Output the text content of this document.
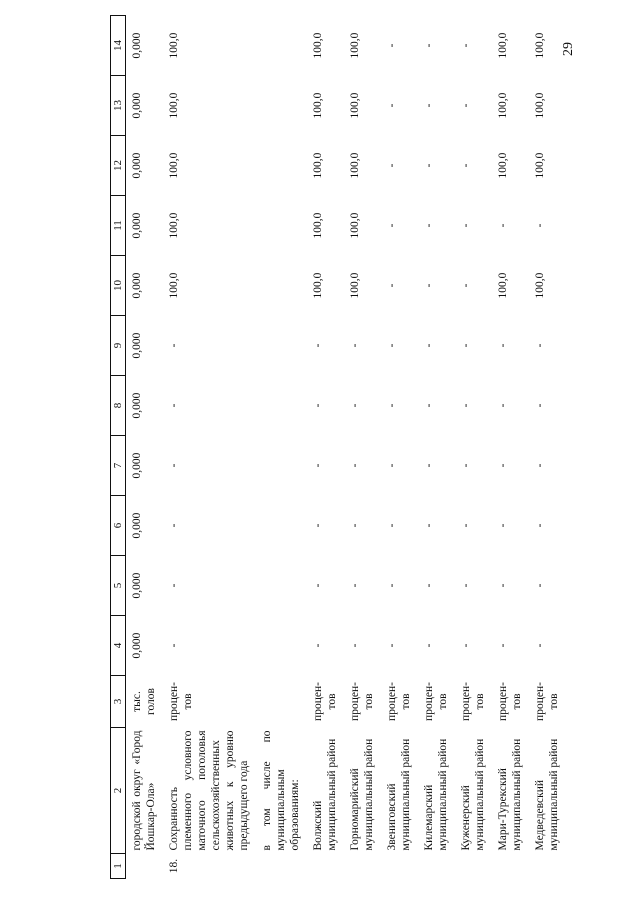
29
1	2	3	4	5	6	7	8	9	10	11	12	13	14
	городской округ «Город Йошкар-Ола»	тыс. голов	0,000	0,000	0,000	0,000	0,000	0,000	0,000	0,000	0,000	0,000	0,000
18.	Сохранность племенного условного маточного поголовья сельскохозяйственных животных к уровню предыдущего года	процен-тов	-	-	-	-	-	-	100,0	100,0	100,0	100,0	100,0
	в том числе по муниципальным образованиям:												
	Волжский муниципальный район	процен-тов	-	-	-	-	-	-	100,0	100,0	100,0	100,0	100,0
	Горномарийский муниципальный район	процен-тов	-	-	-	-	-	-	100,0	100,0	100,0	100,0	100,0
	Звениговский муниципальный район	процен-тов	-	-	-	-	-	-	-	-	-	-	-
	Килемарский муниципальный район	процен-тов	-	-	-	-	-	-	-	-	-	-	-
	Куженерский муниципальный район	процен-тов	-	-	-	-	-	-	-	-	-	-	-
	Мари-Турекский муниципальный район	процен-тов	-	-	-	-	-	-	100,0	-	100,0	100,0	100,0
	Медведевский муниципальный район	процен-тов	-	-	-	-	-	-	100,0	-	100,0	100,0	100,0
